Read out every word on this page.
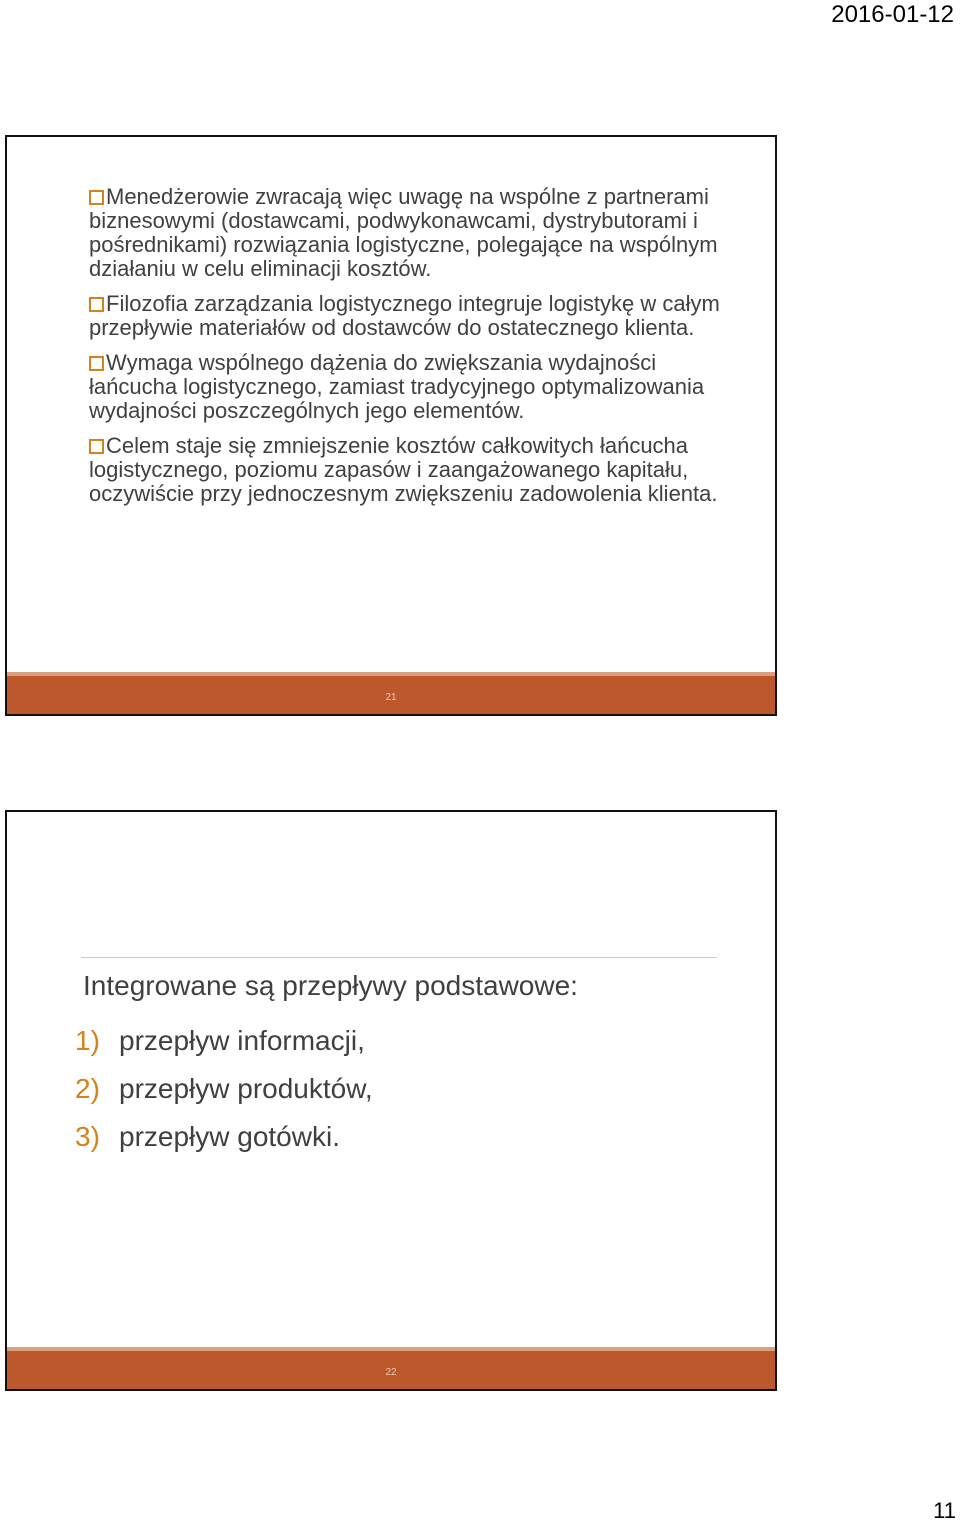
2016-01-12
Menedżerowie zwracają więc uwagę na wspólne z partnerami biznesowymi (dostawcami, podwykonawcami, dystrybutorami i pośrednikami) rozwiązania logistyczne, polegające na wspólnym działaniu w celu eliminacji kosztów.
Filozofia zarządzania logistycznego integruje logistykę w całym przepływie materiałów od dostawców do ostatecznego klienta.
Wymaga wspólnego dążenia do zwiększania wydajności łańcucha logistycznego, zamiast tradycyjnego optymalizowania wydajności poszczególnych jego elementów.
Celem staje się zmniejszenie kosztów całkowitych łańcucha logistycznego, poziomu zapasów i zaangażowanego kapitału, oczywiście przy jednoczesnym zwiększeniu zadowolenia klienta.
21
Integrowane są przepływy podstawowe:
1) przepływ informacji,
2) przepływ produktów,
3) przepływ gotówki.
22
11
